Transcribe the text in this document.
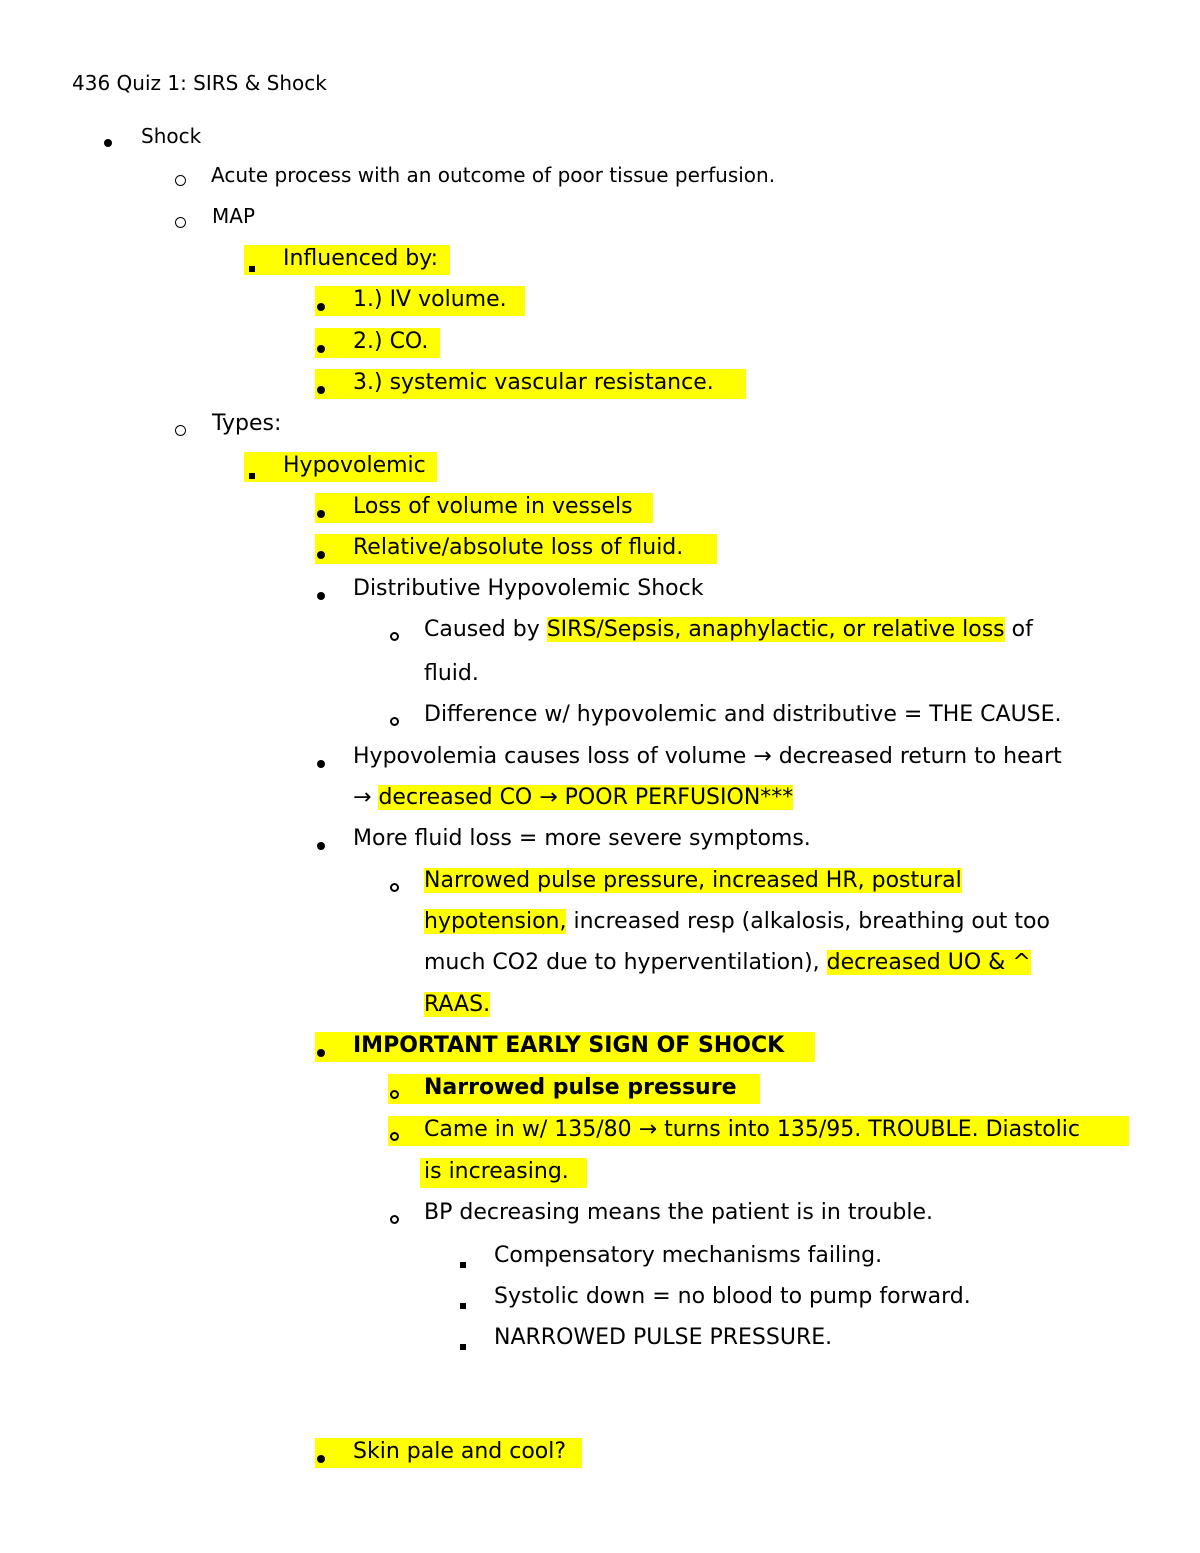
436 Quiz 1: SIRS & Shock
Shock
Acute process with an outcome of poor tissue perfusion.
MAP
Influenced by:
1.) IV volume.
2.) CO.
3.) systemic vascular resistance.
Types:
Hypovolemic
Loss of volume in vessels
Relative/absolute loss of fluid.
Distributive Hypovolemic Shock
Caused by SIRS/Sepsis, anaphylactic, or relative loss of
fluid.
Difference w/ hypovolemic and distributive = THE CAUSE.
Hypovolemia causes loss of volume → decreased return to heart
→ decreased CO → POOR PERFUSION***
More fluid loss = more severe symptoms.
Narrowed pulse pressure, increased HR, postural
hypotension, increased resp (alkalosis, breathing out too
much CO2 due to hyperventilation), decreased UO & ^
RAAS.
IMPORTANT EARLY SIGN OF SHOCK
Narrowed pulse pressure
Came in w/ 135/80 → turns into 135/95. TROUBLE. Diastolic
is increasing.
BP decreasing means the patient is in trouble.
Compensatory mechanisms failing.
Systolic down = no blood to pump forward.
NARROWED PULSE PRESSURE.
Skin pale and cool?
